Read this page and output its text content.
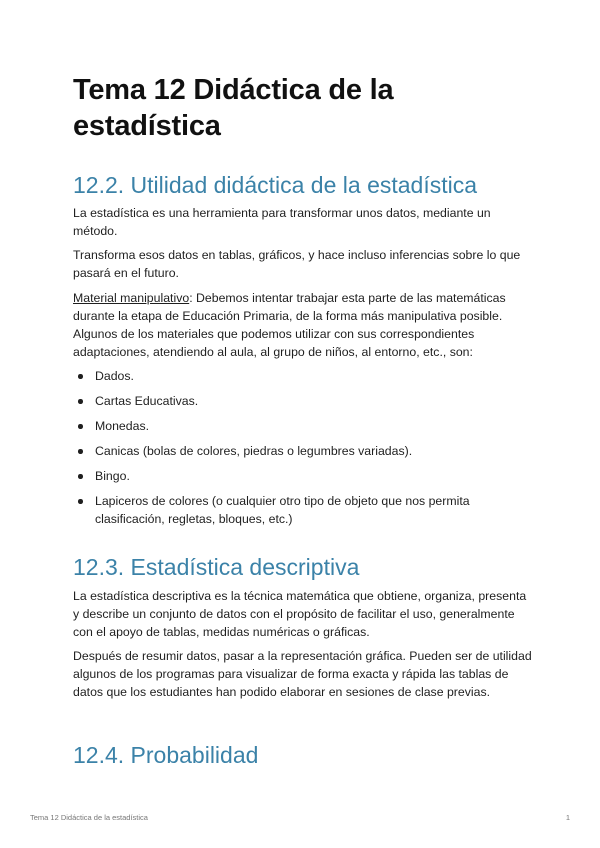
Tema 12 Didáctica de la estadística
12.2. Utilidad didáctica de la estadística

La estadística es una herramienta para transformar unos datos, mediante un método.

Transforma esos datos en tablas, gráficos, y hace incluso inferencias sobre lo que pasará en el futuro.

Material manipulativo: Debemos intentar trabajar esta parte de las matemáticas durante la etapa de Educación Primaria, de la forma más manipulativa posible. Algunos de los materiales que podemos utilizar con sus correspondientes adaptaciones, atendiendo al aula, al grupo de niños, al entorno, etc., son:

Dados.
Cartas Educativas.
Monedas.
Canicas (bolas de colores, piedras o legumbres variadas).
Bingo.
Lapiceros de colores (o cualquier otro tipo de objeto que nos permita clasificación, regletas, bloques, etc.)
12.3. Estadística descriptiva

La estadística descriptiva es la técnica matemática que obtiene, organiza, presenta y describe un conjunto de datos con el propósito de facilitar el uso, generalmente con el apoyo de tablas, medidas numéricas o gráficas.

Después de resumir datos, pasar a la representación gráfica. Pueden ser de utilidad algunos de los programas para visualizar de forma exacta y rápida las tablas de datos que los estudiantes han podido elaborar en sesiones de clase previas.

12.4. Probabilidad
Tema 12 Didáctica de la estadística	1
